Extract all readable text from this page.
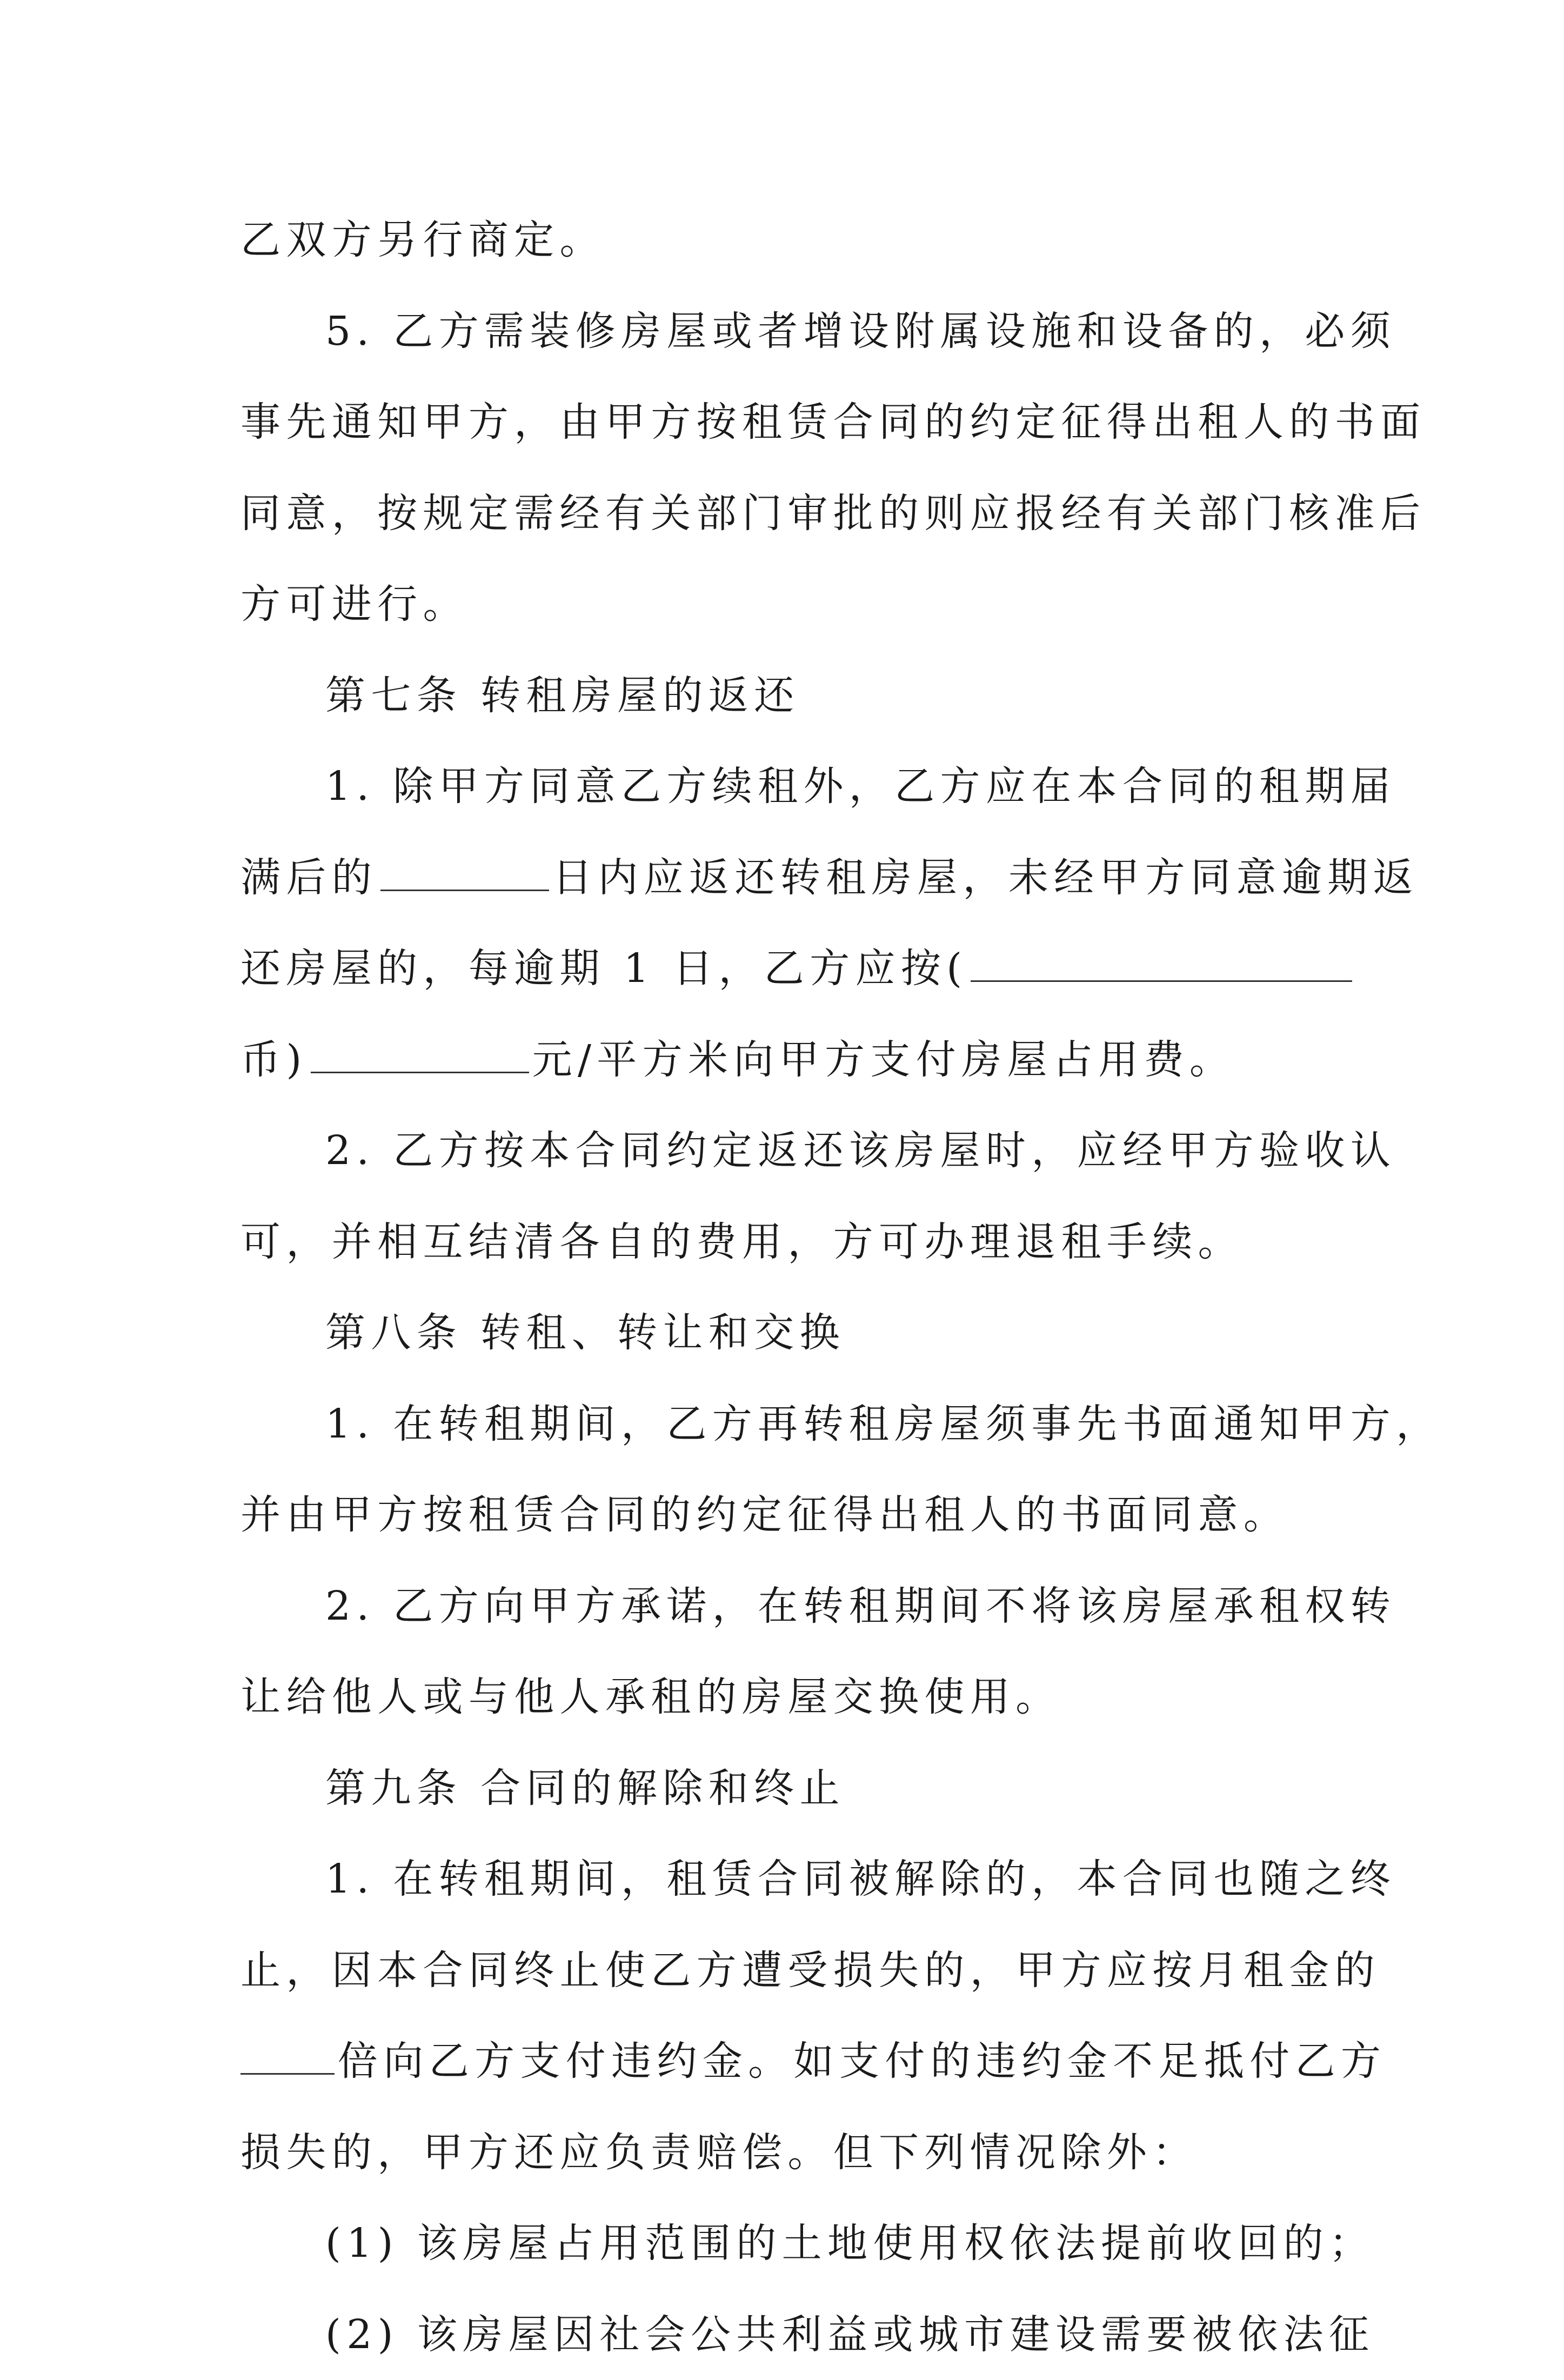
乙双方另行商定。
5. 乙方需装修房屋或者增设附属设施和设备的，必须
事先通知甲方，由甲方按租赁合同的约定征得出租人的书面
同意，按规定需经有关部门审批的则应报经有关部门核准后
方可进行。
第七条 转租房屋的返还
1. 除甲方同意乙方续租外，乙方应在本合同的租期届
满后的	日内应返还转租房屋，未经甲方同意逾期返
还房屋的，每逾期 1 日，乙方应按(
币)	元/平方米向甲方支付房屋占用费。
2. 乙方按本合同约定返还该房屋时，应经甲方验收认
可，并相互结清各自的费用，方可办理退租手续。
第八条 转租、转让和交换
1. 在转租期间，乙方再转租房屋须事先书面通知甲方，
并由甲方按租赁合同的约定征得出租人的书面同意。
2. 乙方向甲方承诺，在转租期间不将该房屋承租权转
让给他人或与他人承租的房屋交换使用。
第九条 合同的解除和终止
1. 在转租期间，租赁合同被解除的，本合同也随之终
止，因本合同终止使乙方遭受损失的，甲方应按月租金的
倍向乙方支付违约金。如支付的违约金不足抵付乙方
损失的，甲方还应负责赔偿。但下列情况除外：
(1) 该房屋占用范围的土地使用权依法提前收回的；
(2) 该房屋因社会公共利益或城市建设需要被依法征
